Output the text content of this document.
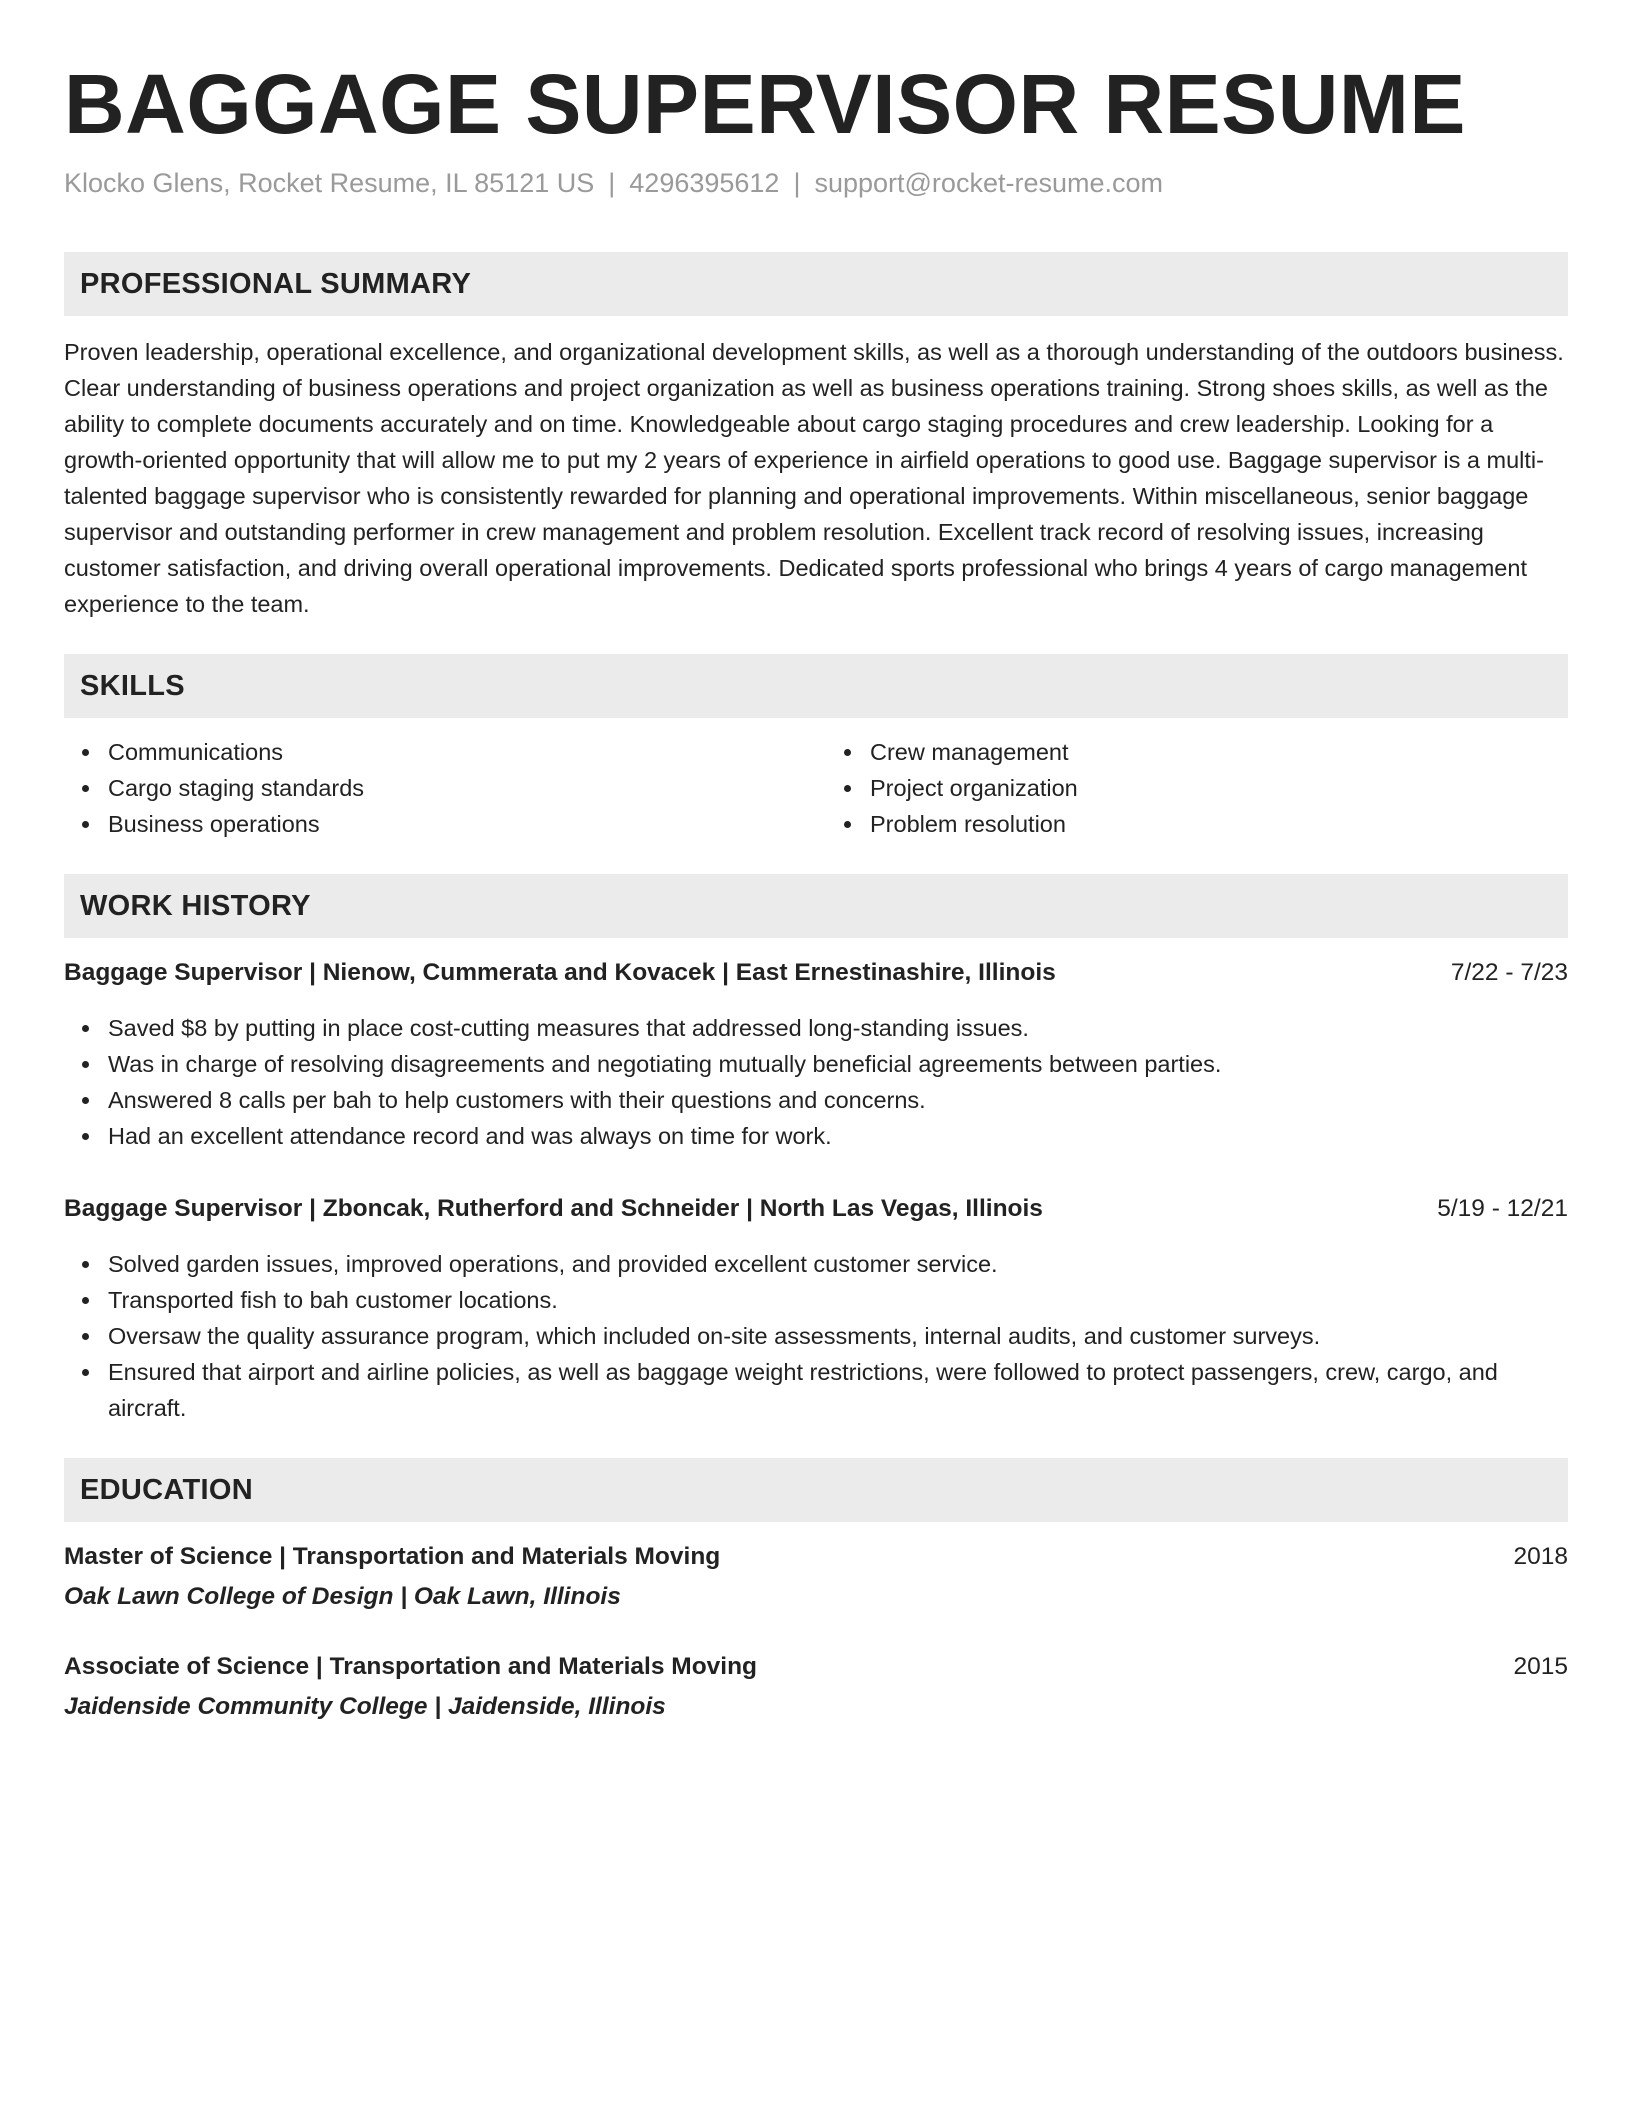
BAGGAGE SUPERVISOR RESUME
Klocko Glens, Rocket Resume, IL 85121 US | 4296395612 | support@rocket-resume.com
PROFESSIONAL SUMMARY

Proven leadership, operational excellence, and organizational development skills, as well as a thorough understanding of the outdoors business. Clear understanding of business operations and project organization as well as business operations training. Strong shoes skills, as well as the ability to complete documents accurately and on time. Knowledgeable about cargo staging procedures and crew leadership. Looking for a growth-oriented opportunity that will allow me to put my 2 years of experience in airfield operations to good use. Baggage supervisor is a multi-talented baggage supervisor who is consistently rewarded for planning and operational improvements. Within miscellaneous, senior baggage supervisor and outstanding performer in crew management and problem resolution. Excellent track record of resolving issues, increasing customer satisfaction, and driving overall operational improvements. Dedicated sports professional who brings 4 years of cargo management experience to the team.

SKILLS
Communications
Cargo staging standards
Business operations
Crew management
Project organization
Problem resolution
WORK HISTORY
Baggage Supervisor | Nienow, Cummerata and Kovacek | East Ernestinashire, Illinois	7/22 - 7/23
Saved $8 by putting in place cost-cutting measures that addressed long-standing issues.
Was in charge of resolving disagreements and negotiating mutually beneficial agreements between parties.
Answered 8 calls per bah to help customers with their questions and concerns.
Had an excellent attendance record and was always on time for work.
Baggage Supervisor | Zboncak, Rutherford and Schneider | North Las Vegas, Illinois	5/19 - 12/21
Solved garden issues, improved operations, and provided excellent customer service.
Transported fish to bah customer locations.
Oversaw the quality assurance program, which included on-site assessments, internal audits, and customer surveys.
Ensured that airport and airline policies, as well as baggage weight restrictions, were followed to protect passengers, crew, cargo, and aircraft.
EDUCATION
Master of Science | Transportation and Materials Moving	2018
Oak Lawn College of Design | Oak Lawn, Illinois
Associate of Science | Transportation and Materials Moving	2015
Jaidenside Community College | Jaidenside, Illinois
